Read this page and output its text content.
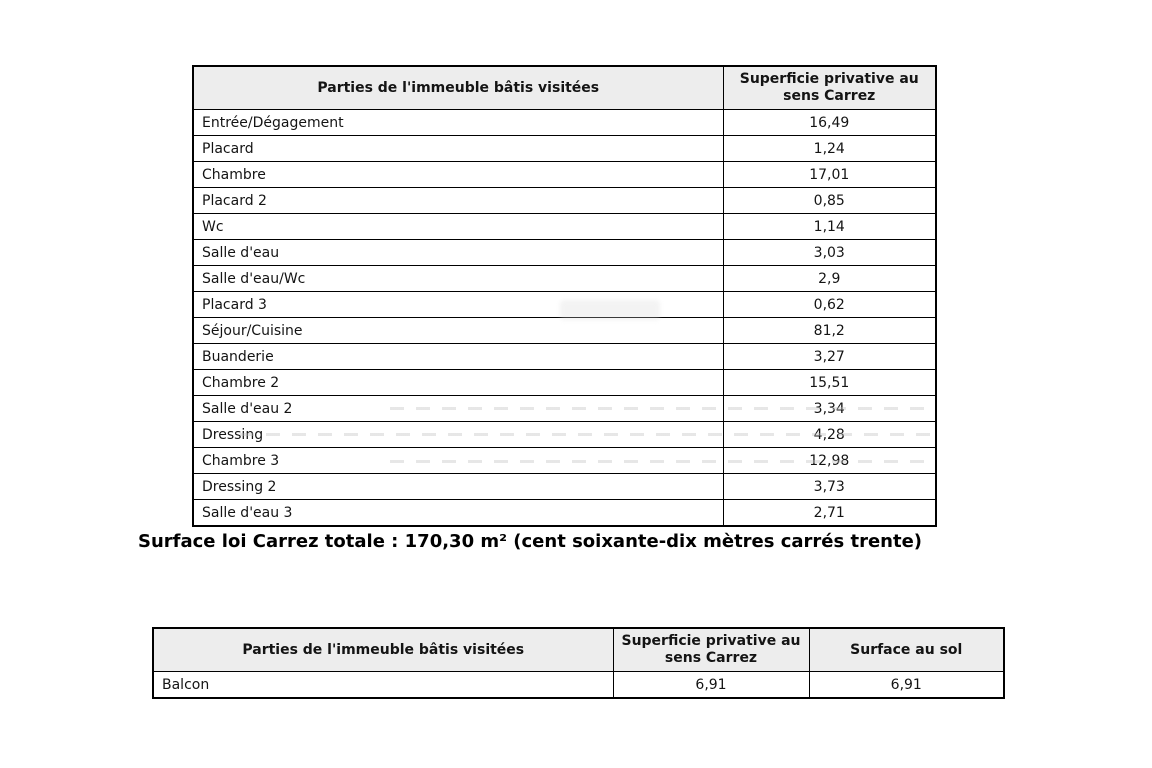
Parties de l'immeuble bâtis visitées	Superficie privative au sens Carrez
Entrée/Dégagement	16,49
Placard	1,24
Chambre	17,01
Placard 2	0,85
Wc	1,14
Salle d'eau	3,03
Salle d'eau/Wc	2,9
Placard 3	0,62
Séjour/Cuisine	81,2
Buanderie	3,27
Chambre 2	15,51
Salle d'eau 2	3,34
Dressing	4,28
Chambre 3	12,98
Dressing 2	3,73
Salle d'eau 3	2,71
Surface loi Carrez totale : 170,30 m² (cent soixante-dix mètres carrés trente)
Parties de l'immeuble bâtis visitées	Superficie privative au sens Carrez	Surface au sol
Balcon	6,91	6,91
